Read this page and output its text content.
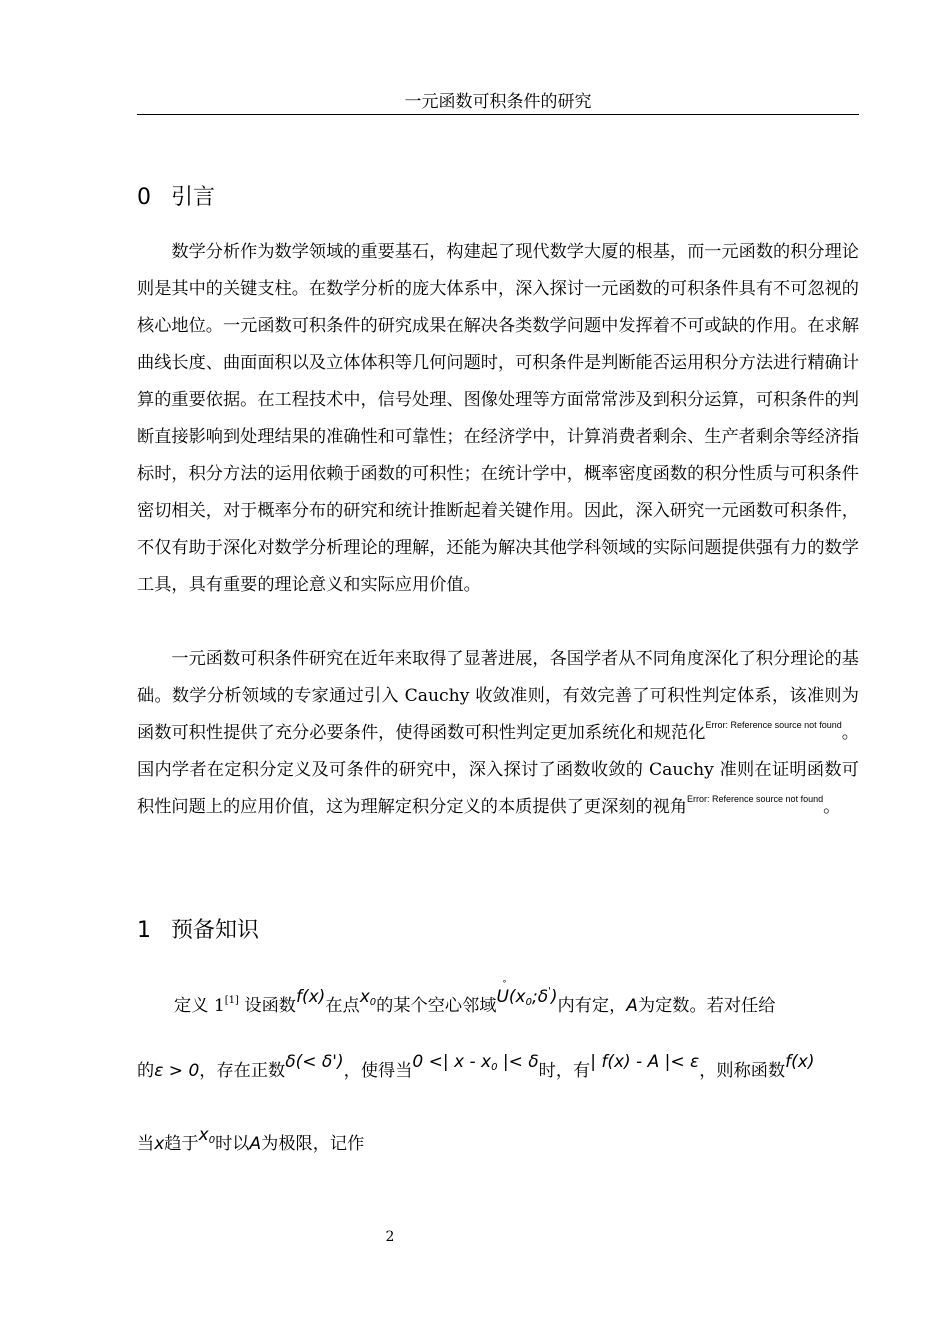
一元函数可积条件的研究
0 引言
数学分析作为数学领域的重要基石，构建起了现代数学大厦的根基，而一元函数的积分理论则是其中的关键支柱。在数学分析的庞大体系中，深入探讨一元函数的可积条件具有不可忽视的核心地位。一元函数可积条件的研究成果在解决各类数学问题中发挥着不可或缺的作用。在求解曲线长度、曲面面积以及立体体积等几何问题时，可积条件是判断能否运用积分方法进行精确计算的重要依据。在工程技术中，信号处理、图像处理等方面常常涉及到积分运算，可积条件的判断直接影响到处理结果的准确性和可靠性；在经济学中，计算消费者剩余、生产者剩余等经济指标时，积分方法的运用依赖于函数的可积性；在统计学中，概率密度函数的积分性质与可积条件密切相关，对于概率分布的研究和统计推断起着关键作用。因此，深入研究一元函数可积条件，不仅有助于深化对数学分析理论的理解，还能为解决其他学科领域的实际问题提供强有力的数学工具，具有重要的理论意义和实际应用价值。
一元函数可积条件研究在近年来取得了显著进展，各国学者从不同角度深化了积分理论的基础。数学分析领域的专家通过引入 Cauchy 收敛准则，有效完善了可积性判定体系，该准则为函数可积性提供了充分必要条件，使得函数可积性判定更加系统化和规范化$^{Error: Reference source not found}$。国内学者在定积分定义及可条件的研究中，深入探讨了函数收敛的 Cauchy 准则在证明函数可积性问题上的应用价值，这为理解定积分定义的本质提供了更深刻的视角$^{Error: Reference source not found}$。
1 预备知识
定义 1[1] 设函数f(x)在点$x_0$的某个空心邻域
°
$U(x_0;\delta')$内有定，A为定数。若对任给
的ε > 0，存在正数δ(< δ')，使得当0 <| x - $x_0$ |< δ时，有| f(x) - A |< ε，则称函数f(x)
当x趋于$x_0$时以A为极限，记作
2
